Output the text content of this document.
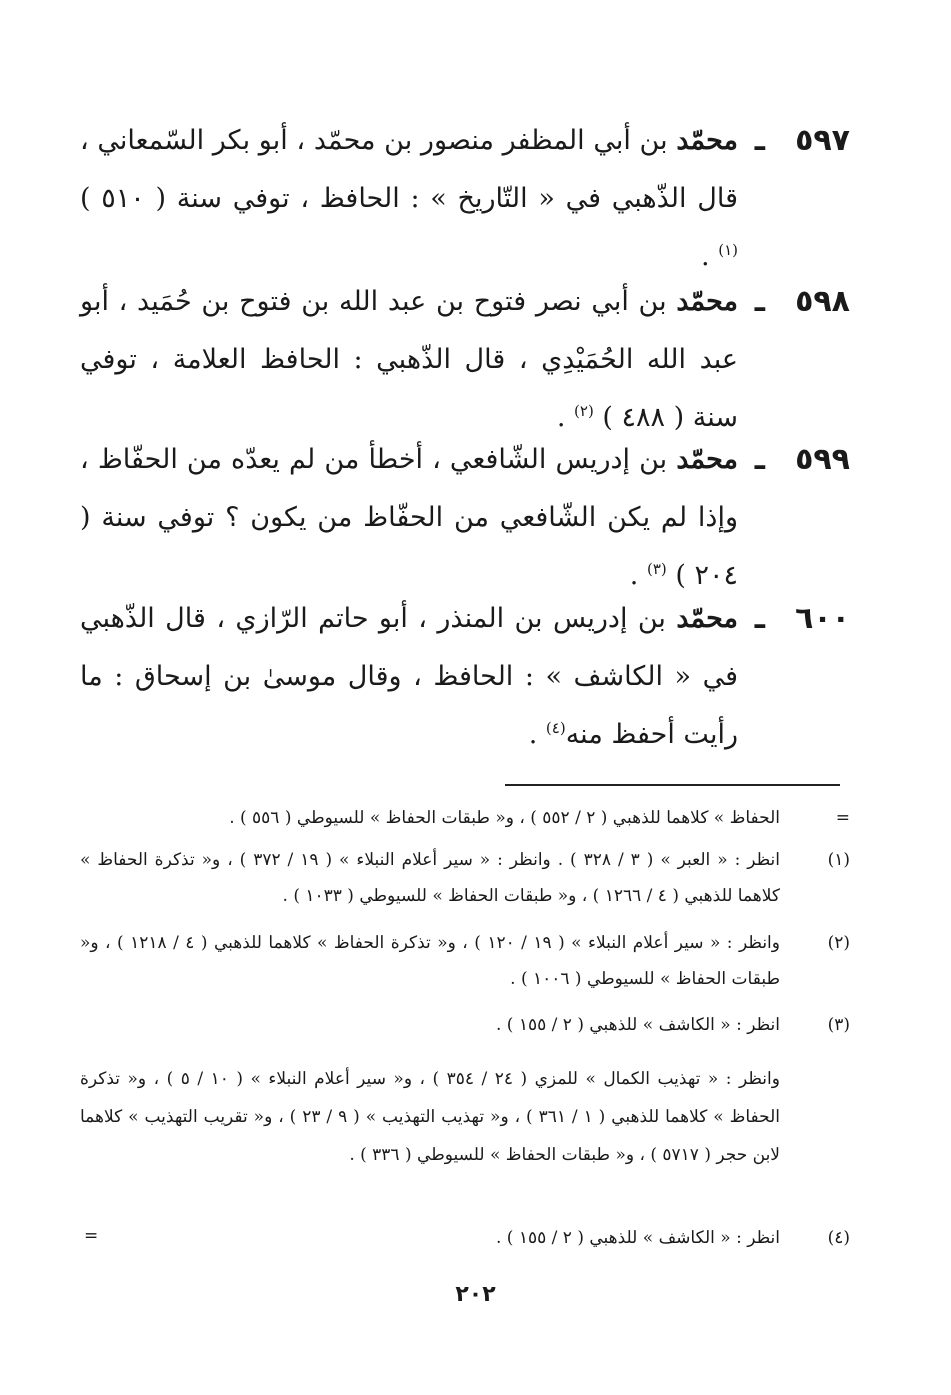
٥٩٧
ـ
محمّد بن أبي المظفر منصور بن محمّد ، أبو بكر السّمعاني ، قال الذّهبي في « التّاريخ » : الحافظ ، توفي سنة ( ٥١٠ ) $^{(١)}$ .
٥٩٨
ـ
محمّد بن أبي نصر فتوح بن عبد الله بن فتوح بن حُمَيد ، أبو عبد الله الحُمَيْدِي ، قال الذّهبي : الحافظ العلامة ، توفي سنة ( ٤٨٨ ) $^{(٢)}$ .
٥٩٩
ـ
محمّد بن إدريس الشّافعي ، أخطأ من لم يعدّه من الحفّاظ ، وإذا لم يكن الشّافعي من الحفّاظ من يكون ؟ توفي سنة ( ٢٠٤ ) $^{(٣)}$ .
٦٠٠
ـ
محمّد بن إدريس بن المنذر ، أبو حاتم الرّازي ، قال الذّهبي في « الكاشف » : الحافظ ، وقال موسىٰ بن إسحاق : ما رأيت أحفظ منه$^{(٤)}$ .
=
الحفاظ » كلاهما للذهبي ( ٢ / ٥٥٢ ) ، و« طبقات الحفاظ » للسيوطي ( ٥٥٦ ) .
(١)
انظر : « العبر » ( ٣ / ٣٢٨ ) . وانظر : « سير أعلام النبلاء » ( ١٩ / ٣٧٢ ) ، و« تذكرة الحفاظ » كلاهما للذهبي ( ٤ / ١٢٦٦ ) ، و« طبقات الحفاظ » للسيوطي ( ١٠٣٣ ) .
(٢)
وانظر : « سير أعلام النبلاء » ( ١٩ / ١٢٠ ) ، و« تذكرة الحفاظ » كلاهما للذهبي ( ٤ / ١٢١٨ ) ، و« طبقات الحفاظ » للسيوطي ( ١٠٠٦ ) .
(٣)
انظر : « الكاشف » للذهبي ( ٢ / ١٥٥ ) .
وانظر : « تهذيب الكمال » للمزي ( ٢٤ / ٣٥٤ ) ، و« سير أعلام النبلاء » ( ١٠ / ٥ ) ، و« تذكرة الحفاظ » كلاهما للذهبي ( ١ / ٣٦١ ) ، و« تهذيب التهذيب » ( ٩ / ٢٣ ) ، و« تقريب التهذيب » كلاهما لابن حجر ( ٥٧١٧ ) ، و« طبقات الحفاظ » للسيوطي ( ٣٣٦ ) .
(٤)
انظر : « الكاشف » للذهبي ( ٢ / ١٥٥ ) .
=
٢٠٢
